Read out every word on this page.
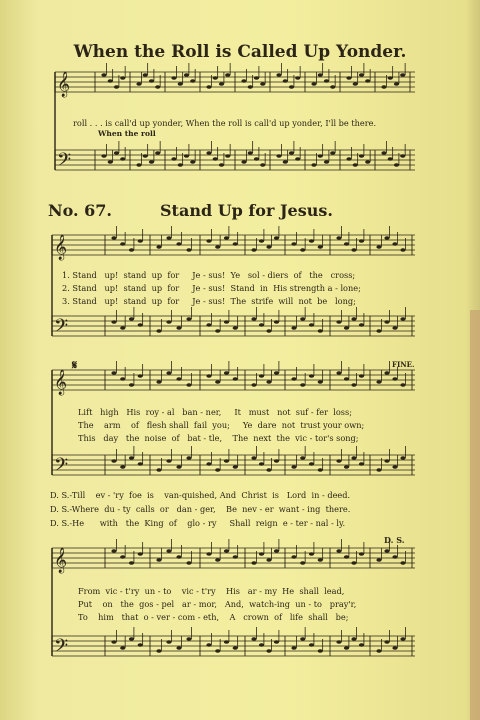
When the Roll is Called Up Yonder.
𝄞
𝄢
𝄞
𝄢
𝄞
𝄢
𝄞
𝄢
roll . . . is call'd up yonder, When the roll is call'd up yonder, I'll be there.
When the roll
No. 67.	Stand Up for Jesus.
1. Stand   up!  stand  up  for     Je - sus!  Ye   sol - diers  of   the   cross;
2. Stand   up!  stand  up  for     Je - sus!  Stand  in  His strength a - lone;
3. Stand   up!  stand  up  for     Je - sus!  The  strife  will  not  be   long;
𝄋	FINE.
Lift   high   His  roy - al   ban - ner,     It   must   not  suf - fer  loss;
The    arm    of   flesh shall  fail  you;     Ye  dare  not  trust your own;
This   day   the  noise  of   bat - tle,    The  next  the  vic - tor's song;
D. S.-Till    ev - 'ry  foe  is    van-quished, And  Christ  is   Lord  in - deed.
D. S.-Where  du - ty  calls  or   dan - ger,    Be  nev - er  want - ing  there.
D. S.-He      with   the  King  of    glo - ry     Shall  reign  e - ter - nal - ly.
D. S.
From  vic - t'ry  un - to    vic - t'ry    His   ar - my  He  shall  lead,
Put    on   the  gos - pel   ar - mor,   And,  watch-ing  un - to   pray'r,
To    him   that  o - ver - com - eth,    A   crown  of   life  shall   be;
